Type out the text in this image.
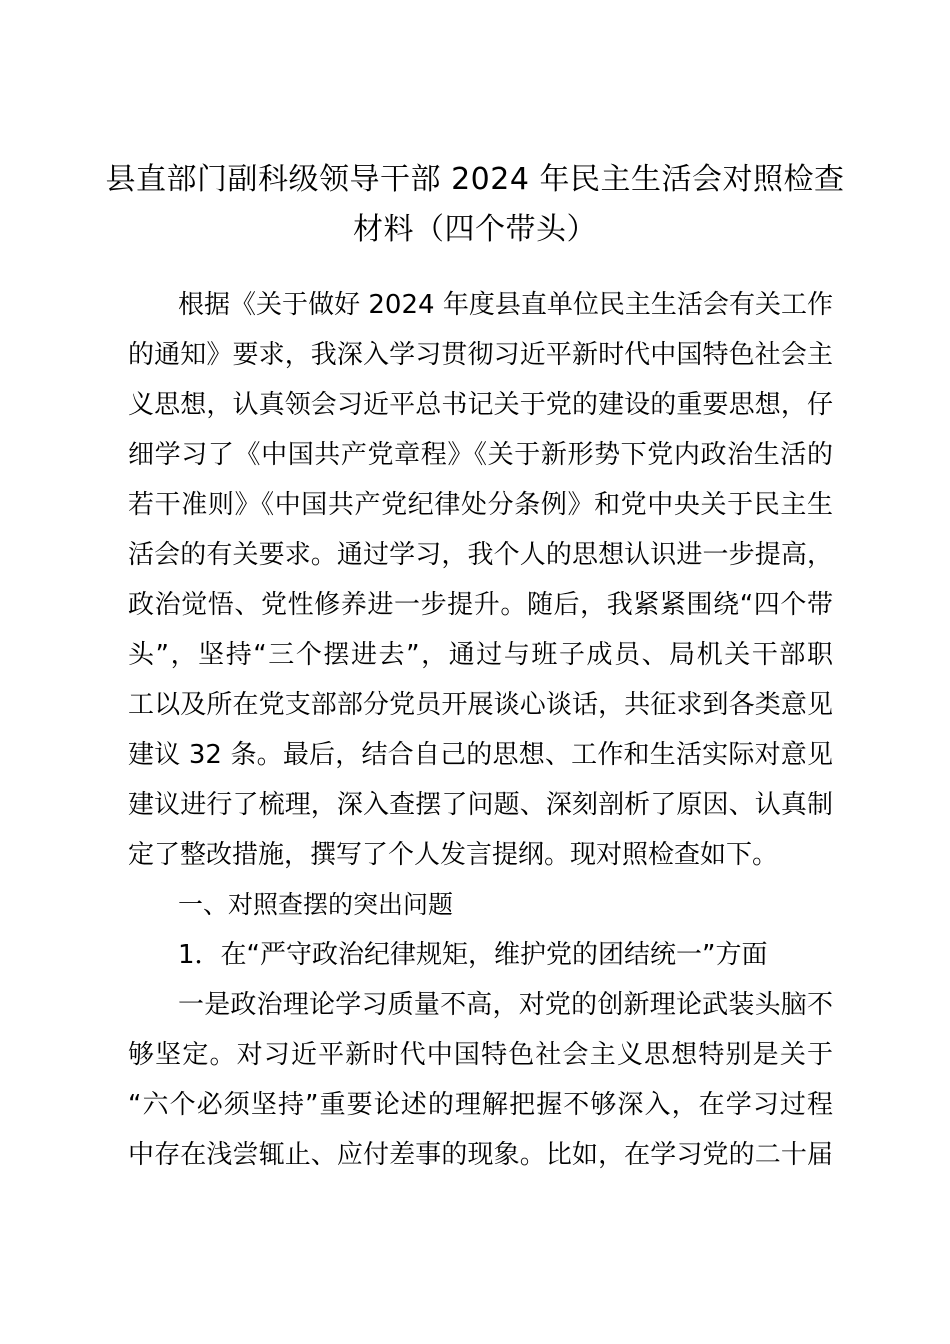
县直部门副科级领导干部 2024 年民主生活会对照检查
材料（四个带头）
根据《关于做好 2024 年度县直单位民主生活会有关工作
的通知》要求，我深入学习贯彻习近平新时代中国特色社会主
义思想，认真领会习近平总书记关于党的建设的重要思想，仔
细学习了《中国共产党章程》《关于新形势下党内政治生活的
若干准则》《中国共产党纪律处分条例》和党中央关于民主生
活会的有关要求。通过学习，我个人的思想认识进一步提高，
政治觉悟、党性修养进一步提升。随后，我紧紧围绕“四个带
头”，坚持“三个摆进去”，通过与班子成员、局机关干部职
工以及所在党支部部分党员开展谈心谈话，共征求到各类意见
建议 32 条。最后，结合自己的思想、工作和生活实际对意见
建议进行了梳理，深入查摆了问题、深刻剖析了原因、认真制
定了整改措施，撰写了个人发言提纲。现对照检查如下。
一、对照查摆的突出问题
1．在“严守政治纪律规矩，维护党的团结统一”方面
一是政治理论学习质量不高，对党的创新理论武装头脑不
够坚定。对习近平新时代中国特色社会主义思想特别是关于
“六个必须坚持”重要论述的理解把握不够深入，在学习过程
中存在浅尝辄止、应付差事的现象。比如，在学习党的二十届
